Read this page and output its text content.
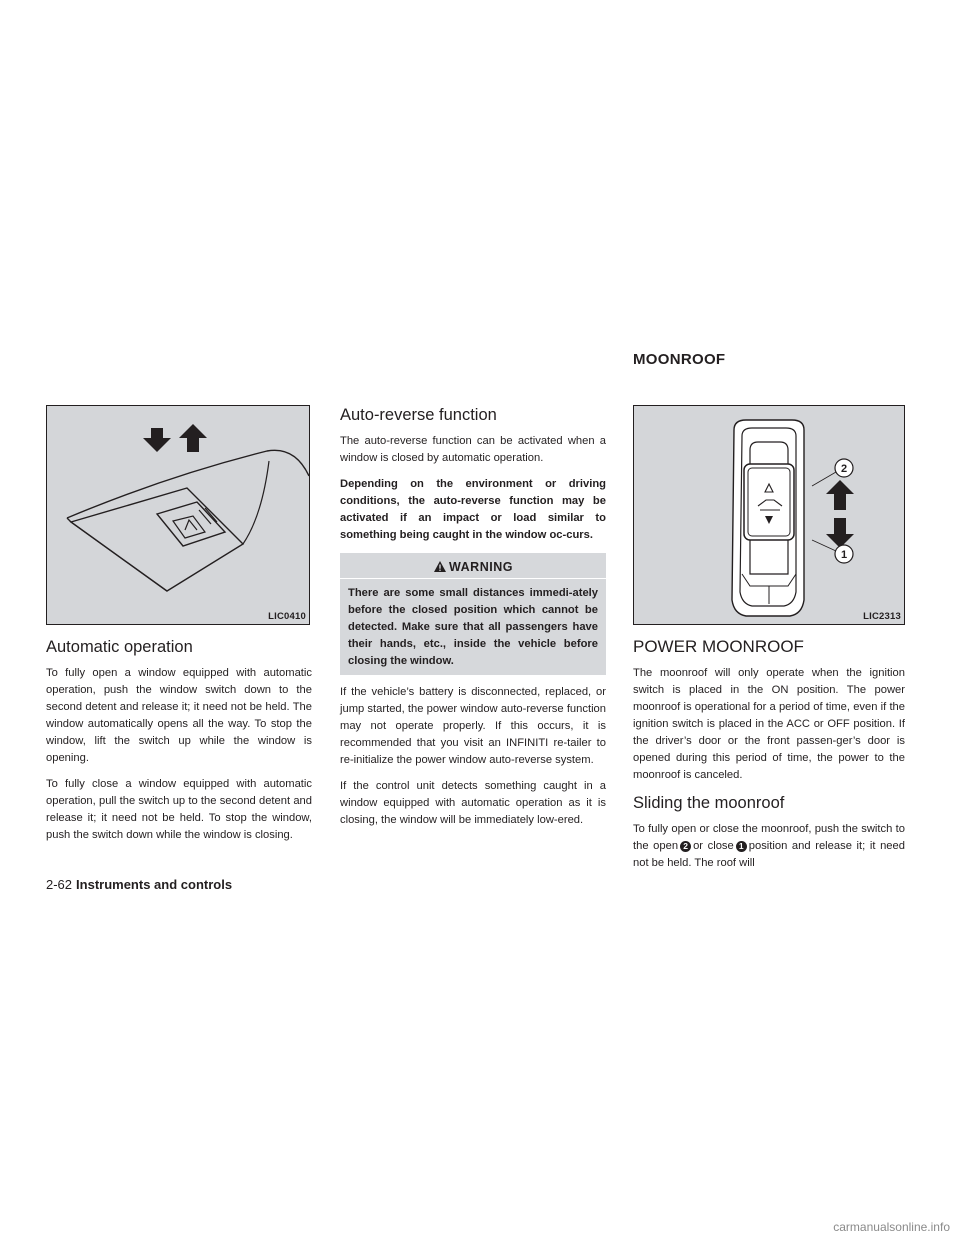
MOONROOF
LIC0410
Automatic operation

To fully open a window equipped with automatic operation, push the window switch down to the second detent and release it; it need not be held. The window automatically opens all the way. To stop the window, lift the switch up while the window is opening.

To fully close a window equipped with automatic operation, pull the switch up to the second detent and release it; it need not be held. To stop the window, push the switch down while the window is closing.

Auto-reverse function

The auto-reverse function can be activated when a window is closed by automatic operation.

Depending on the environment or driving conditions, the auto-reverse function may be activated if an impact or load similar to something being caught in the window oc-curs.

WARNING
There are some small distances immedi-ately before the closed position which cannot be detected. Make sure that all passengers have their hands, etc., inside the vehicle before closing the window.

If the vehicle’s battery is disconnected, replaced, or jump started, the power window auto-reverse function may not operate properly. If this occurs, it is recommended that you visit an INFINITI re-tailer to re-initialize the power window auto-reverse system.

If the control unit detects something caught in a window equipped with automatic operation as it is closing, the window will be immediately low-ered.

2
1
LIC2313
POWER MOONROOF

The moonroof will only operate when the ignition switch is placed in the ON position. The power moonroof is operational for a period of time, even if the ignition switch is placed in the ACC or OFF position. If the driver’s door or the front passen-ger’s door is opened during this period of time, the power to the moonroof is canceled.

Sliding the moonroof

To fully open or close the moonroof, push the switch to the open 2 or close 1 position and release it; it need not be held. The roof will

2-62 Instruments and controls
carmanualsonline.info
